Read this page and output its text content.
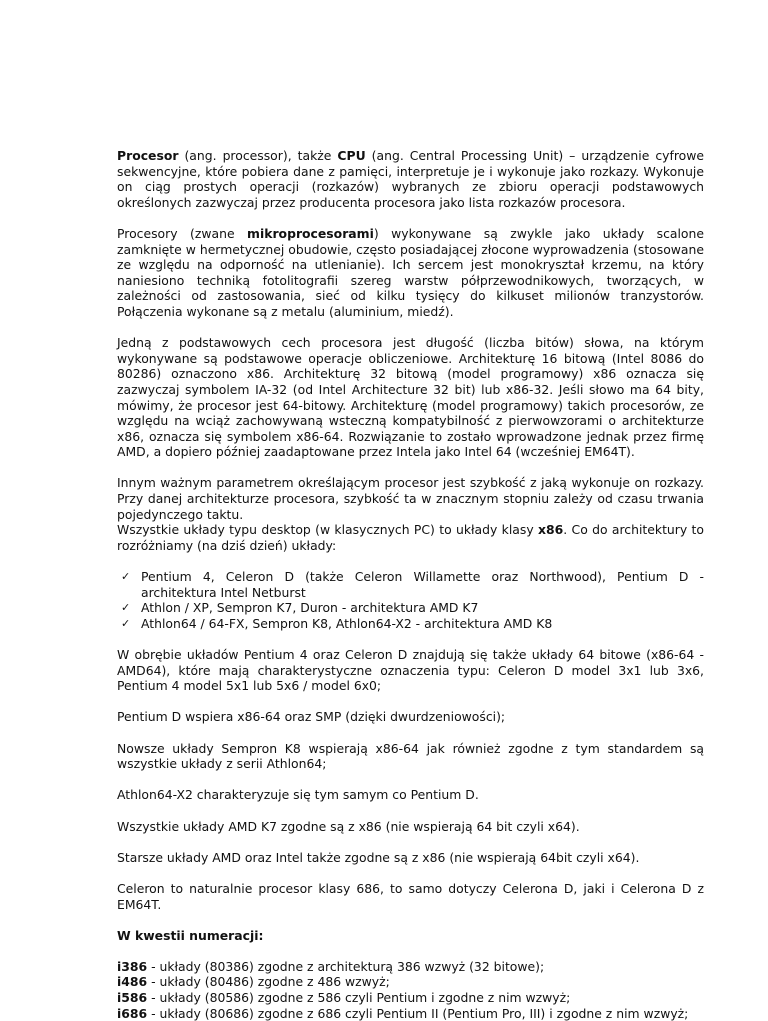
Procesor (ang. processor), także CPU (ang. Central Processing Unit) – urządzenie cyfrowe sekwencyjne, które pobiera dane z pamięci, interpretuje je i wykonuje jako rozkazy. Wykonuje on ciąg prostych operacji (rozkazów) wybranych ze zbioru operacji podstawowych określonych zazwyczaj przez producenta procesora jako lista rozkazów procesora.

Procesory (zwane mikroprocesorami) wykonywane są zwykle jako układy scalone zamknięte w hermetycznej obudowie, często posiadającej złocone wyprowadzenia (stosowane ze względu na odporność na utlenianie). Ich sercem jest monokryształ krzemu, na który naniesiono techniką fotolitografii szereg warstw półprzewodnikowych, tworzących, w zależności od zastosowania, sieć od kilku tysięcy do kilkuset milionów tranzystorów. Połączenia wykonane są z metalu (aluminium, miedź).

Jedną z podstawowych cech procesora jest długość (liczba bitów) słowa, na którym wykonywane są podstawowe operacje obliczeniowe. Architekturę 16 bitową (Intel 8086 do 80286) oznaczono x86. Architekturę 32 bitową (model programowy) x86 oznacza się zazwyczaj symbolem IA-32 (od Intel Architecture 32 bit) lub x86-32. Jeśli słowo ma 64 bity, mówimy, że procesor jest 64-bitowy. Architekturę (model programowy) takich procesorów, ze względu na wciąż zachowywaną wsteczną kompatybilność z pierwowzorami o architekturze x86, oznacza się symbolem x86-64. Rozwiązanie to zostało wprowadzone jednak przez firmę AMD, a dopiero później zaadaptowane przez Intela jako Intel 64 (wcześniej EM64T).

Innym ważnym parametrem określającym procesor jest szybkość z jaką wykonuje on rozkazy. Przy danej architekturze procesora, szybkość ta w znacznym stopniu zależy od czasu trwania pojedynczego taktu.

Wszystkie układy typu desktop (w klasycznych PC) to układy klasy x86. Co do architektury to rozróżniamy (na dziś dzień) układy:

✓ Pentium 4, Celeron D (także Celeron Willamette oraz Northwood), Pentium D - architektura Intel Netburst
✓ Athlon / XP, Sempron K7, Duron - architektura AMD K7
✓ Athlon64 / 64-FX, Sempron K8, Athlon64-X2 - architektura AMD K8

W obrębie układów Pentium 4 oraz Celeron D znajdują się także układy 64 bitowe (x86-64 - AMD64), które mają charakterystyczne oznaczenia typu: Celeron D model 3x1 lub 3x6, Pentium 4 model 5x1 lub 5x6 / model 6x0;

Pentium D wspiera x86-64 oraz SMP (dzięki dwurdzeniowości);

Nowsze układy Sempron K8 wspierają x86-64 jak również zgodne z tym standardem są wszystkie układy z serii Athlon64;

Athlon64-X2 charakteryzuje się tym samym co Pentium D.

Wszystkie układy AMD K7 zgodne są z x86 (nie wspierają 64 bit czyli x64).

Starsze układy AMD oraz Intel także zgodne są z x86 (nie wspierają 64bit czyli x64).

Celeron to naturalnie procesor klasy 686, to samo dotyczy Celerona D, jaki i Celerona D z EM64T.

W kwestii numeracji:

i386 - układy (80386) zgodne z architekturą 386 wzwyż (32 bitowe);

i486 - układy (80486) zgodne z 486 wzwyż;

i586 - układy (80586) zgodne z 586 czyli Pentium i zgodne z nim wzwyż;

i686 - układy (80686) zgodne z 686 czyli Pentium II (Pentium Pro, III) i zgodne z nim wzwyż;
